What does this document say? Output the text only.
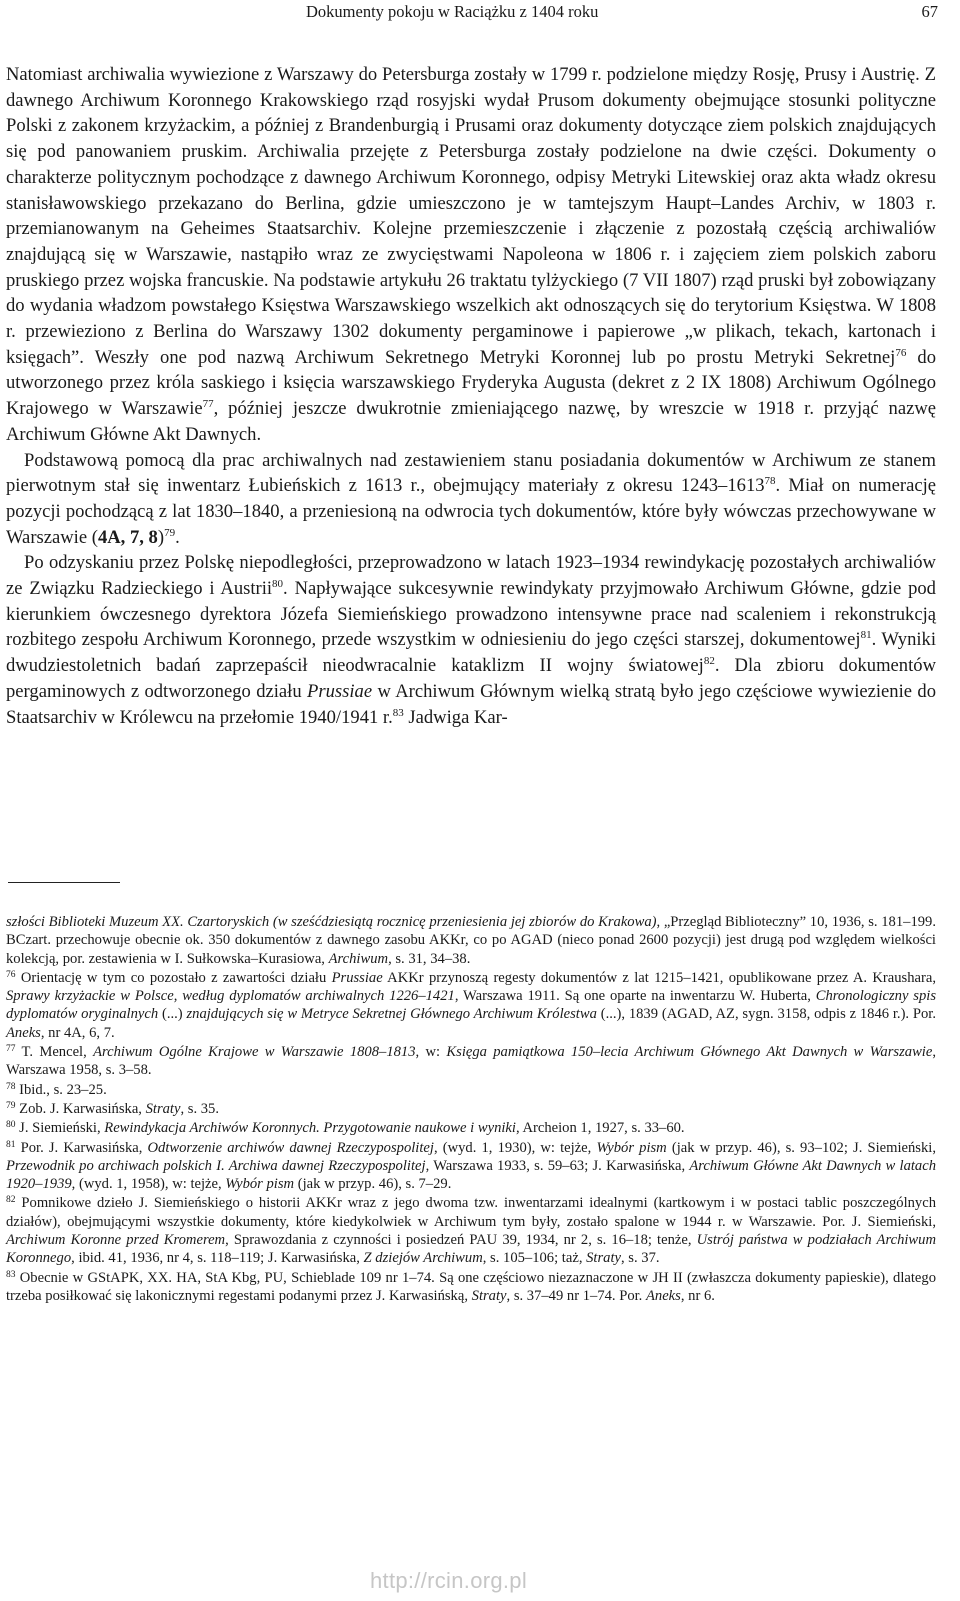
Dokumenty pokoju w Raciążku z 1404 roku	67

Natomiast archiwalia wywiezione z Warszawy do Petersburga zostały w 1799 r. podzielone między Rosję, Prusy i Austrię. Z dawnego Archiwum Koronnego Krakowskiego rząd rosyjski wydał Prusom dokumenty obejmujące stosunki polityczne Polski z zakonem krzyżackim, a później z Brandenburgią i Prusami oraz dokumenty dotyczące ziem polskich znajdujących się pod panowaniem pruskim. Archiwalia przejęte z Petersburga zostały podzielone na dwie części. Dokumenty o charakterze politycznym pochodzące z dawnego Archiwum Koronnego, odpisy Metryki Litewskiej oraz akta władz okresu stanisławowskiego przekazano do Berlina, gdzie umieszczono je w tamtejszym Haupt–Landes Archiv, w 1803 r. przemianowanym na Geheimes Staatsarchiv. Kolejne przemieszczenie i złączenie z pozostałą częścią archiwaliów znajdującą się w Warszawie, nastąpiło wraz ze zwycięstwami Napoleona w 1806 r. i zajęciem ziem polskich zaboru pruskiego przez wojska francuskie. Na podstawie artykułu 26 traktatu tylżyckiego (7 VII 1807) rząd pruski był zobowiązany do wydania władzom powstałego Księstwa Warszawskiego wszelkich akt odnoszących się do terytorium Księstwa. W 1808 r. przewieziono z Berlina do Warszawy 1302 dokumenty pergaminowe i papierowe „w plikach, tekach, kartonach i księgach”. Weszły one pod nazwą Archiwum Sekretnego Metryki Koronnej lub po prostu Metryki Sekretnej$^{76}$ do utworzonego przez króla saskiego i księcia warszawskiego Fryderyka Augusta (dekret z 2 IX 1808) Archiwum Ogólnego Krajowego w Warszawie$^{77}$, później jeszcze dwukrotnie zmieniającego nazwę, by wreszcie w 1918 r. przyjąć nazwę Archiwum Główne Akt Dawnych.

Podstawową pomocą dla prac archiwalnych nad zestawieniem stanu posiadania dokumentów w Archiwum ze stanem pierwotnym stał się inwentarz Łubieńskich z 1613 r., obejmujący materiały z okresu 1243–1613$^{78}$. Miał on numerację pozycji pochodzącą z lat 1830–1840, a przeniesioną na odwrocia tych dokumentów, które były wówczas przechowywane w Warszawie (4A, 7, 8)$^{79}$.

Po odzyskaniu przez Polskę niepodległości, przeprowadzono w latach 1923–1934 rewindykację pozostałych archiwaliów ze Związku Radzieckiego i Austrii$^{80}$. Napływające sukcesywnie rewindykaty przyjmowało Archiwum Główne, gdzie pod kierunkiem ówczesnego dyrektora Józefa Siemieńskiego prowadzono intensywne prace nad scaleniem i rekonstrukcją rozbitego zespołu Archiwum Koronnego, przede wszystkim w odniesieniu do jego części starszej, dokumentowej$^{81}$. Wyniki dwudziestoletnich badań zaprzepaścił nieodwracalnie kataklizm II wojny światowej$^{82}$. Dla zbioru dokumentów pergaminowych z odtworzonego działu Prussiae w Archiwum Głównym wielką stratą było jego częściowe wywiezienie do Staatsarchiv w Królewcu na przełomie 1940/1941 r.$^{83}$ Jadwiga Kar-

szłości Biblioteki Muzeum XX. Czartoryskich (w sześćdziesiątą rocznicę przeniesienia jej zbiorów do Krakowa), „Przegląd Biblioteczny” 10, 1936, s. 181–199. BCzart. przechowuje obecnie ok. 350 dokumentów z dawnego zasobu AKKr, co po AGAD (nieco ponad 2600 pozycji) jest drugą pod względem wielkości kolekcją, por. zestawienia w I. Sułkowska–Kurasiowa, Archiwum, s. 31, 34–38.

$^{76}$ Orientację w tym co pozostało z zawartości działu Prussiae AKKr przynoszą regesty dokumentów z lat 1215–1421, opublikowane przez A. Kraushara, Sprawy krzyżackie w Polsce, według dyplomatów archiwalnych 1226–1421, Warszawa 1911. Są one oparte na inwentarzu W. Huberta, Chronologiczny spis dyplomatów oryginalnych (...) znajdujących się w Metryce Sekretnej Głównego Archiwum Królestwa (...), 1839 (AGAD, AZ, sygn. 3158, odpis z 1846 r.). Por. Aneks, nr 4A, 6, 7.

$^{77}$ T. Mencel, Archiwum Ogólne Krajowe w Warszawie 1808–1813, w: Księga pamiątkowa 150–lecia Archiwum Głównego Akt Dawnych w Warszawie, Warszawa 1958, s. 3–58.

$^{78}$ Ibid., s. 23–25.

$^{79}$ Zob. J. Karwasińska, Straty, s. 35.

$^{80}$ J. Siemieński, Rewindykacja Archiwów Koronnych. Przygotowanie naukowe i wyniki, Archeion 1, 1927, s. 33–60.

$^{81}$ Por. J. Karwasińska, Odtworzenie archiwów dawnej Rzeczypospolitej, (wyd. 1, 1930), w: tejże, Wybór pism (jak w przyp. 46), s. 93–102; J. Siemieński, Przewodnik po archiwach polskich I. Archiwa dawnej Rzeczypospolitej, Warszawa 1933, s. 59–63; J. Karwasińska, Archiwum Główne Akt Dawnych w latach 1920–1939, (wyd. 1, 1958), w: tejże, Wybór pism (jak w przyp. 46), s. 7–29.

$^{82}$ Pomnikowe dzieło J. Siemieńskiego o historii AKKr wraz z jego dwoma tzw. inwentarzami idealnymi (kartkowym i w postaci tablic poszczególnych działów), obejmującymi wszystkie dokumenty, które kiedykolwiek w Archiwum tym były, zostało spalone w 1944 r. w Warszawie. Por. J. Siemieński, Archiwum Koronne przed Kromerem, Sprawozdania z czynności i posiedzeń PAU 39, 1934, nr 2, s. 16–18; tenże, Ustrój państwa w podziałach Archiwum Koronnego, ibid. 41, 1936, nr 4, s. 118–119; J. Karwasińska, Z dziejów Archiwum, s. 105–106; taż, Straty, s. 37.

$^{83}$ Obecnie w GStAPK, XX. HA, StA Kbg, PU, Schieblade 109 nr 1–74. Są one częściowo niezaznaczone w JH II (zwłaszcza dokumenty papieskie), dlatego trzeba posiłkować się lakonicznymi regestami podanymi przez J. Karwasińską, Straty, s. 37–49 nr 1–74. Por. Aneks, nr 6.

http://rcin.org.pl
